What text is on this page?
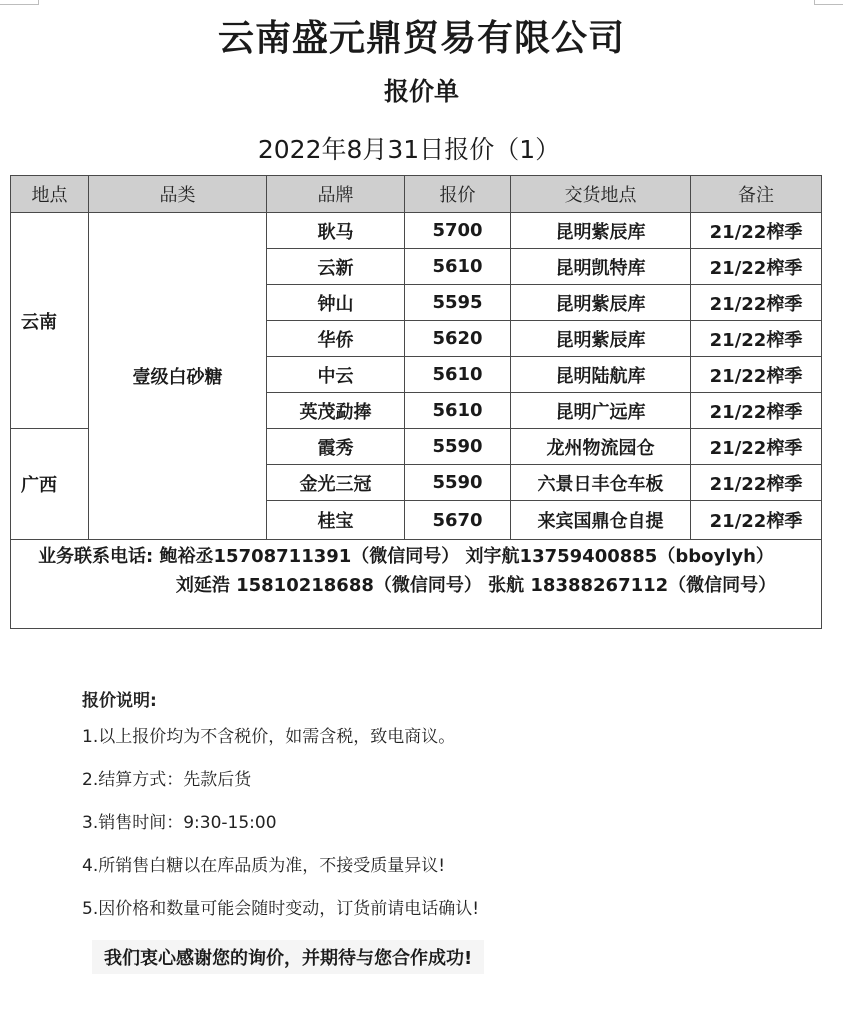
云南盛元鼎贸易有限公司
报价单
2022年8月31日报价（1）
地点	品类	品牌	报价	交货地点	备注
云南	壹级白砂糖	耿马	5700	昆明紫辰库	21/22榨季
		云新	5610	昆明凯特库	21/22榨季
		钟山	5595	昆明紫辰库	21/22榨季
		华侨	5620	昆明紫辰库	21/22榨季
		中云	5610	昆明陆航库	21/22榨季
		英茂勐捧	5610	昆明广远库	21/22榨季
广西		霞秀	5590	龙州物流园仓	21/22榨季
		金光三冠	5590	六景日丰仓车板	21/22榨季
		桂宝	5670	来宾国鼎仓自提	21/22榨季

业务联系电话: 鲍裕丞15708711391（微信同号） 刘宇航13759400885（bboylyh）
刘延浩 15810218688（微信同号） 张航 18388267112（微信同号）					
报价说明:
1.以上报价均为不含税价，如需含税，致电商议。
2.结算方式：先款后货
3.销售时间：9:30-15:00
4.所销售白糖以在库品质为准，不接受质量异议!
5.因价格和数量可能会随时变动，订货前请电话确认!
我们衷心感谢您的询价，并期待与您合作成功!
